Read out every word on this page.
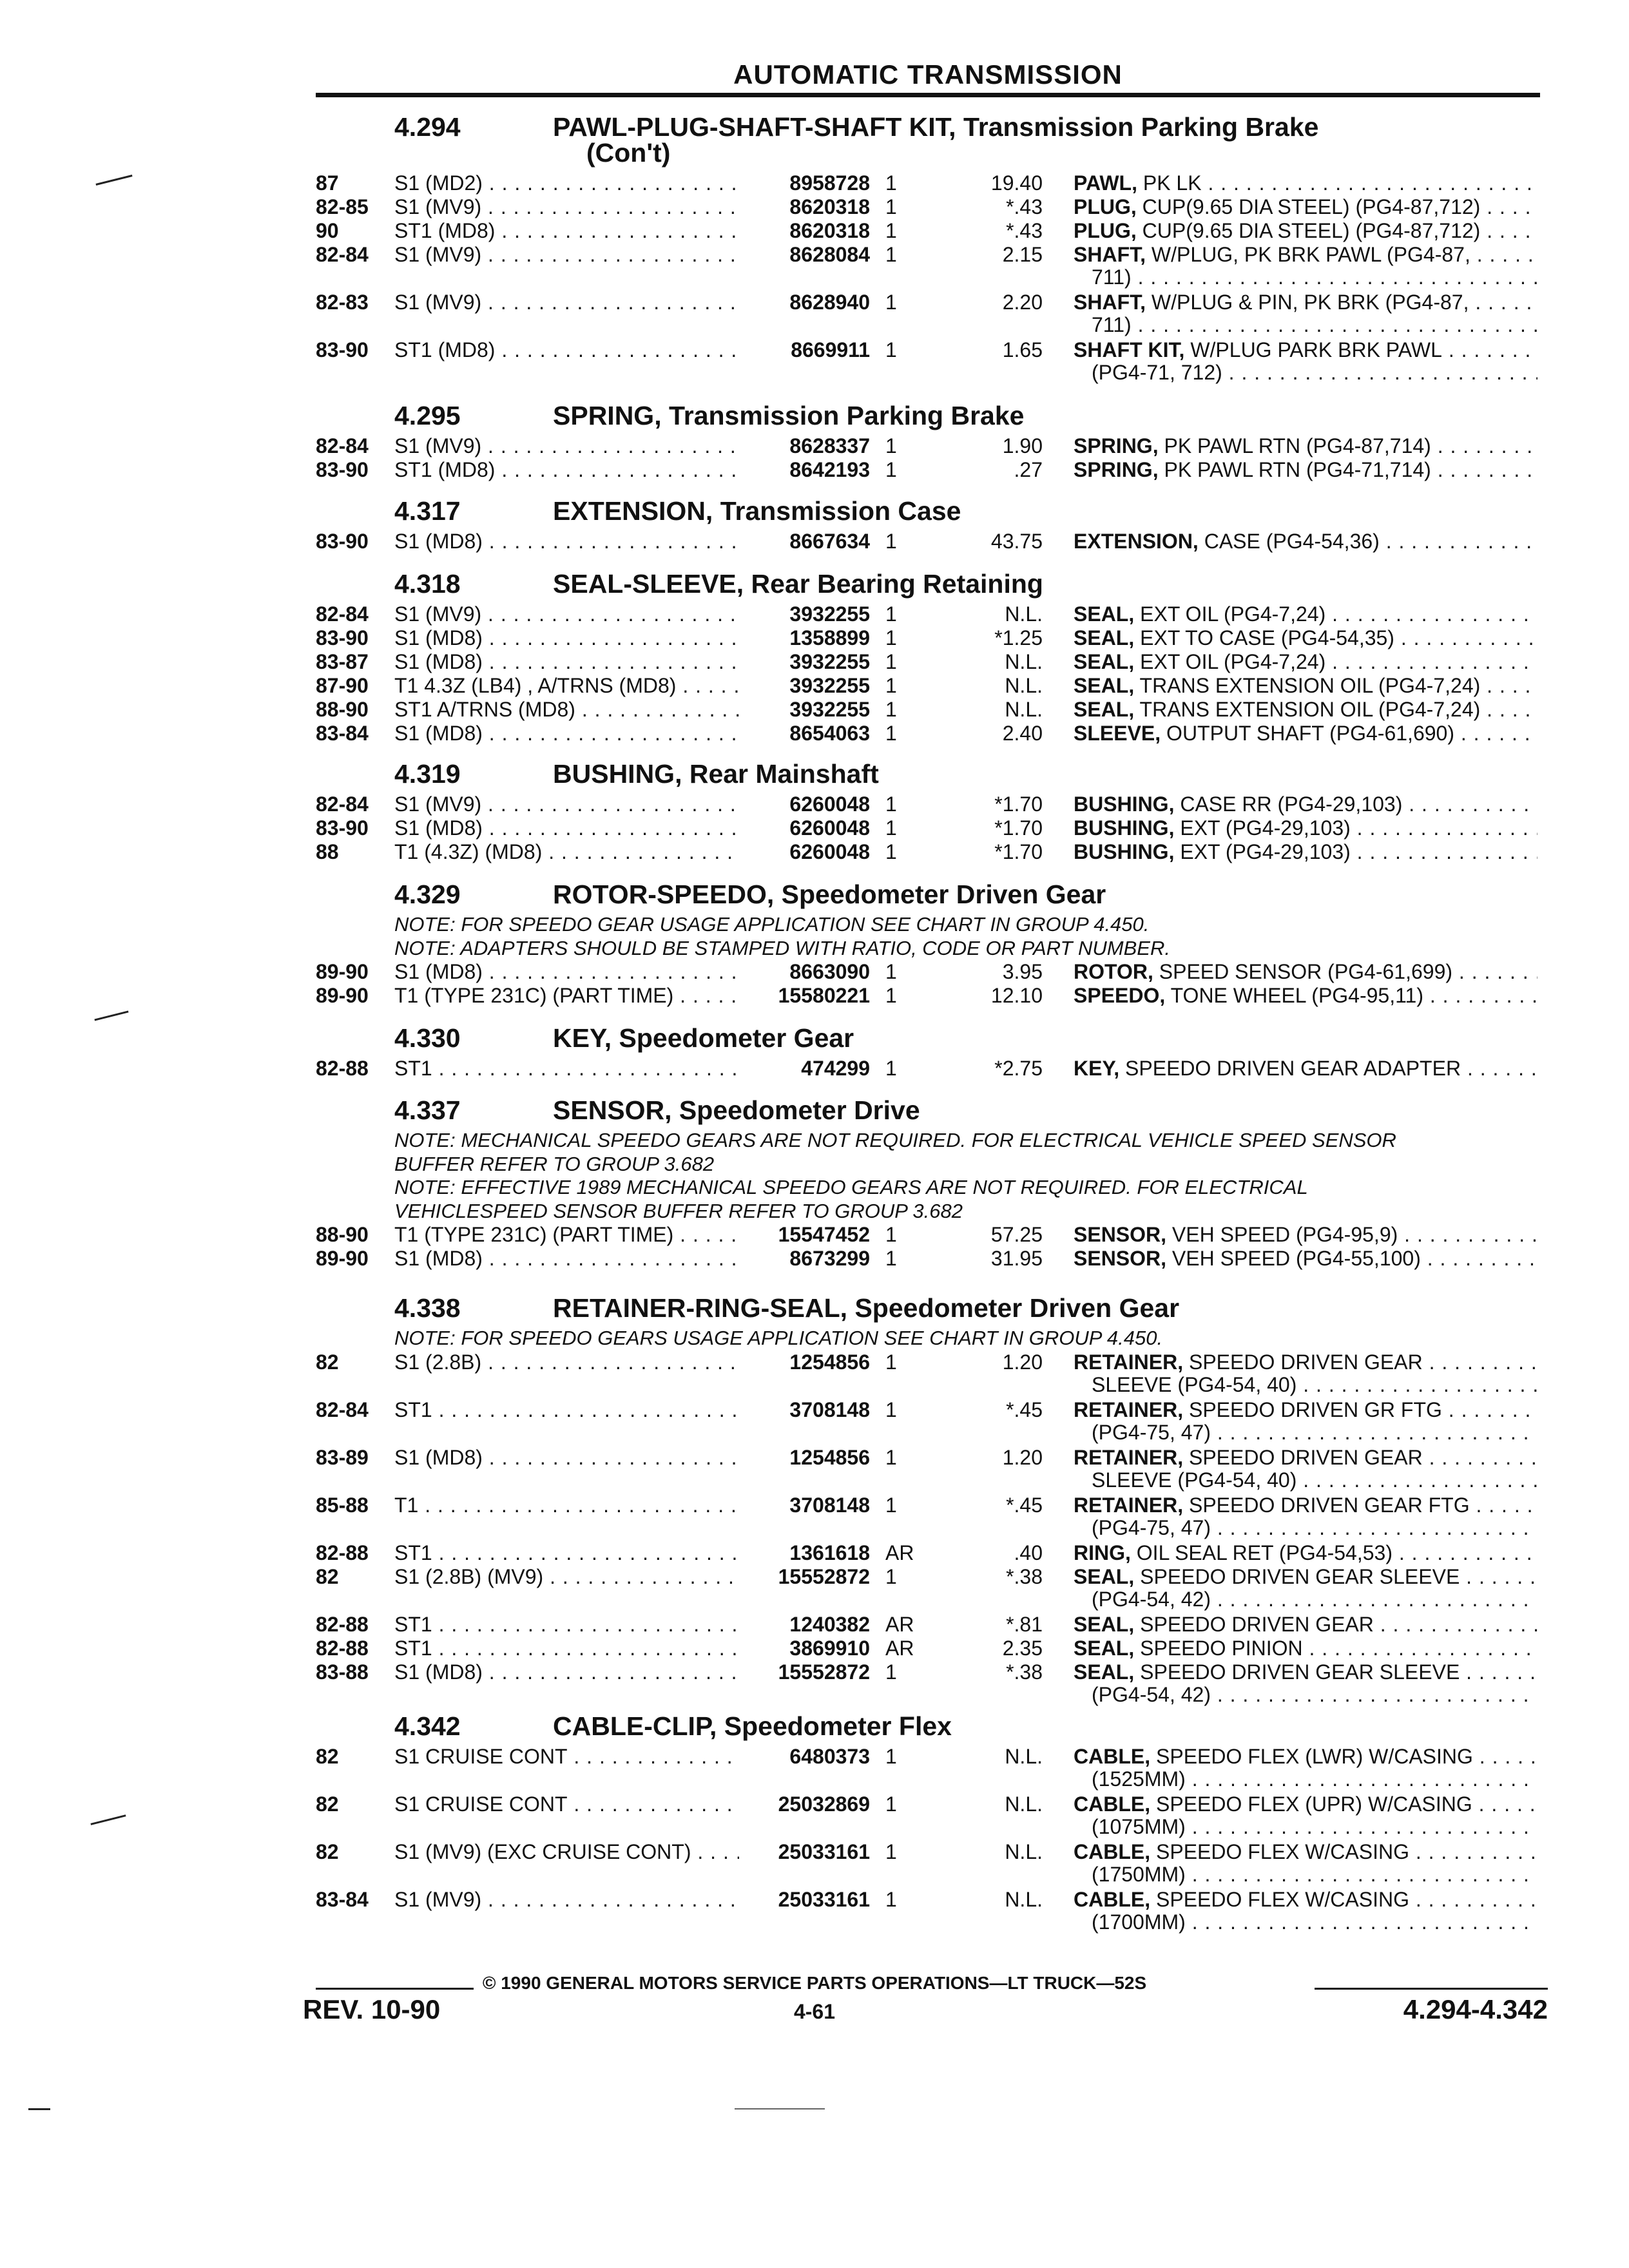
AUTOMATIC TRANSMISSION
4.294	PAWL-PLUG-SHAFT-SHAFT KIT, Transmission Parking Brake
(Con't)
87	S1 (MD2) . . .	8958728 1	19.40 PAWL, PK LK . . .
82-85 S1 (MV9) . . .	8620318 1	*.43 PLUG, CUP(9.65 DIA STEEL) (PG4-87,712) . . .
90	ST1 (MD8) . . .	8620318 1	*.43 PLUG, CUP(9.65 DIA STEEL) (PG4-87,712) . . .
82-84 S1 (MV9) . . .	8628084 1	2.15 SHAFT, W/PLUG, PK BRK PAWL (PG4-87, . . .
711) . . .
82-83 S1 (MV9) . . .	8628940 1	2.20 SHAFT, W/PLUG & PIN, PK BRK (PG4-87, . . .
711) . . .
83-90 ST1 (MD8) . . .	8669911 1	1.65 SHAFT KIT, W/PLUG PARK BRK PAWL . . .
(PG4-71, 712) . . .
4.295	SPRING, Transmission Parking Brake
82-84 S1 (MV9) . . .	8628337 1	1.90 SPRING, PK PAWL RTN (PG4-87,714) . . .
83-90 ST1 (MD8) . . .	8642193 1	.27 SPRING, PK PAWL RTN (PG4-71,714) . . .
4.317	EXTENSION, Transmission Case
83-90 S1 (MD8) . . .	8667634 1	43.75 EXTENSION, CASE (PG4-54,36) . . .
4.318	SEAL-SLEEVE, Rear Bearing Retaining
82-84 S1 (MV9) . . .	3932255 1	N.L. SEAL, EXT OIL (PG4-7,24) . . .
83-90 S1 (MD8) . . .	1358899 1	*1.25 SEAL, EXT TO CASE (PG4-54,35) . . .
83-87 S1 (MD8) . . .	3932255 1	N.L. SEAL, EXT OIL (PG4-7,24) . . .
87-90 T1 4.3Z (LB4) , A/TRNS (MD8) . . .	3932255 1	N.L. SEAL, TRANS EXTENSION OIL (PG4-7,24) . . .
88-90 ST1 A/TRNS (MD8) . . .	3932255 1	N.L. SEAL, TRANS EXTENSION OIL (PG4-7,24) . . .
83-84 S1 (MD8) . . .	8654063 1	2.40 SLEEVE, OUTPUT SHAFT (PG4-61,690) . . .
4.319	BUSHING, Rear Mainshaft
82-84 S1 (MV9) . . .	6260048 1	*1.70 BUSHING, CASE RR (PG4-29,103) . . .
83-90 S1 (MD8) . . .	6260048 1	*1.70 BUSHING, EXT (PG4-29,103) . . .
88	T1 (4.3Z) (MD8) . . .	6260048 1	*1.70 BUSHING, EXT (PG4-29,103) . . .
4.329	ROTOR-SPEEDO, Speedometer Driven Gear
NOTE: FOR SPEEDO GEAR USAGE APPLICATION SEE CHART IN GROUP 4.450.
NOTE: ADAPTERS SHOULD BE STAMPED WITH RATIO, CODE OR PART NUMBER.
89-90 S1 (MD8) . . .	8663090 1	3.95 ROTOR, SPEED SENSOR (PG4-61,699) . . .
89-90 T1 (TYPE 231C) (PART TIME) . . .	15580221 1	12.10 SPEEDO, TONE WHEEL (PG4-95,11) . . .
4.330	KEY, Speedometer Gear
82-88 ST1 . . .	474299 1	*2.75 KEY, SPEEDO DRIVEN GEAR ADAPTER . . .
4.337	SENSOR, Speedometer Drive
NOTE: MECHANICAL SPEEDO GEARS ARE NOT REQUIRED. FOR ELECTRICAL VEHICLE SPEED SENSOR
BUFFER REFER TO GROUP 3.682
NOTE: EFFECTIVE 1989 MECHANICAL SPEEDO GEARS ARE NOT REQUIRED. FOR ELECTRICAL
VEHICLESPEED SENSOR BUFFER REFER TO GROUP 3.682
88-90 T1 (TYPE 231C) (PART TIME) . . .	15547452 1	57.25 SENSOR, VEH SPEED (PG4-95,9) . . .
89-90 S1 (MD8) . . .	8673299 1	31.95 SENSOR, VEH SPEED (PG4-55,100) . . .
4.338	RETAINER-RING-SEAL, Speedometer Driven Gear
NOTE: FOR SPEEDO GEARS USAGE APPLICATION SEE CHART IN GROUP 4.450.
82	S1 (2.8B) . . .	1254856 1	1.20 RETAINER, SPEEDO DRIVEN GEAR . . .
SLEEVE (PG4-54, 40) . . .
82-84 ST1 . . .	3708148 1	*.45 RETAINER, SPEEDO DRIVEN GR FTG . . .
(PG4-75, 47) . . .
83-89 S1 (MD8) . . .	1254856 1	1.20 RETAINER, SPEEDO DRIVEN GEAR . . .
SLEEVE (PG4-54, 40) . . .
85-88 T1 . . .	3708148 1	*.45 RETAINER, SPEEDO DRIVEN GEAR FTG . . .
(PG4-75, 47) . . .
82-88 ST1 . . .	1361618 AR	.40 RING, OIL SEAL RET (PG4-54,53) . . .
82	S1 (2.8B) (MV9) . . .	15552872 1	*.38 SEAL, SPEEDO DRIVEN GEAR SLEEVE . . .
(PG4-54, 42) . . .
82-88 ST1 . . .	1240382 AR	*.81 SEAL, SPEEDO DRIVEN GEAR . . .
82-88 ST1 . . .	3869910 AR	2.35 SEAL, SPEEDO PINION . . .
83-88 S1 (MD8) . . .	15552872 1	*.38 SEAL, SPEEDO DRIVEN GEAR SLEEVE . . .
(PG4-54, 42) . . .
4.342	CABLE-CLIP, Speedometer Flex
82	S1 CRUISE CONT . . .	6480373 1	N.L. CABLE, SPEEDO FLEX (LWR) W/CASING . . .
(1525MM) . . .
82	S1 CRUISE CONT . . .	25032869 1	N.L. CABLE, SPEEDO FLEX (UPR) W/CASING . . .
(1075MM) . . .
82	S1 (MV9) (EXC CRUISE CONT) . . .	25033161 1	N.L. CABLE, SPEEDO FLEX W/CASING . . .
(1750MM) . . .
83-84 S1 (MV9) . . .	25033161 1	N.L. CABLE, SPEEDO FLEX W/CASING . . .
(1700MM) . . .
© 1990 GENERAL MOTORS SERVICE PARTS OPERATIONS—LT TRUCK—52S
REV. 10-90	4-61	4.294-4.342
